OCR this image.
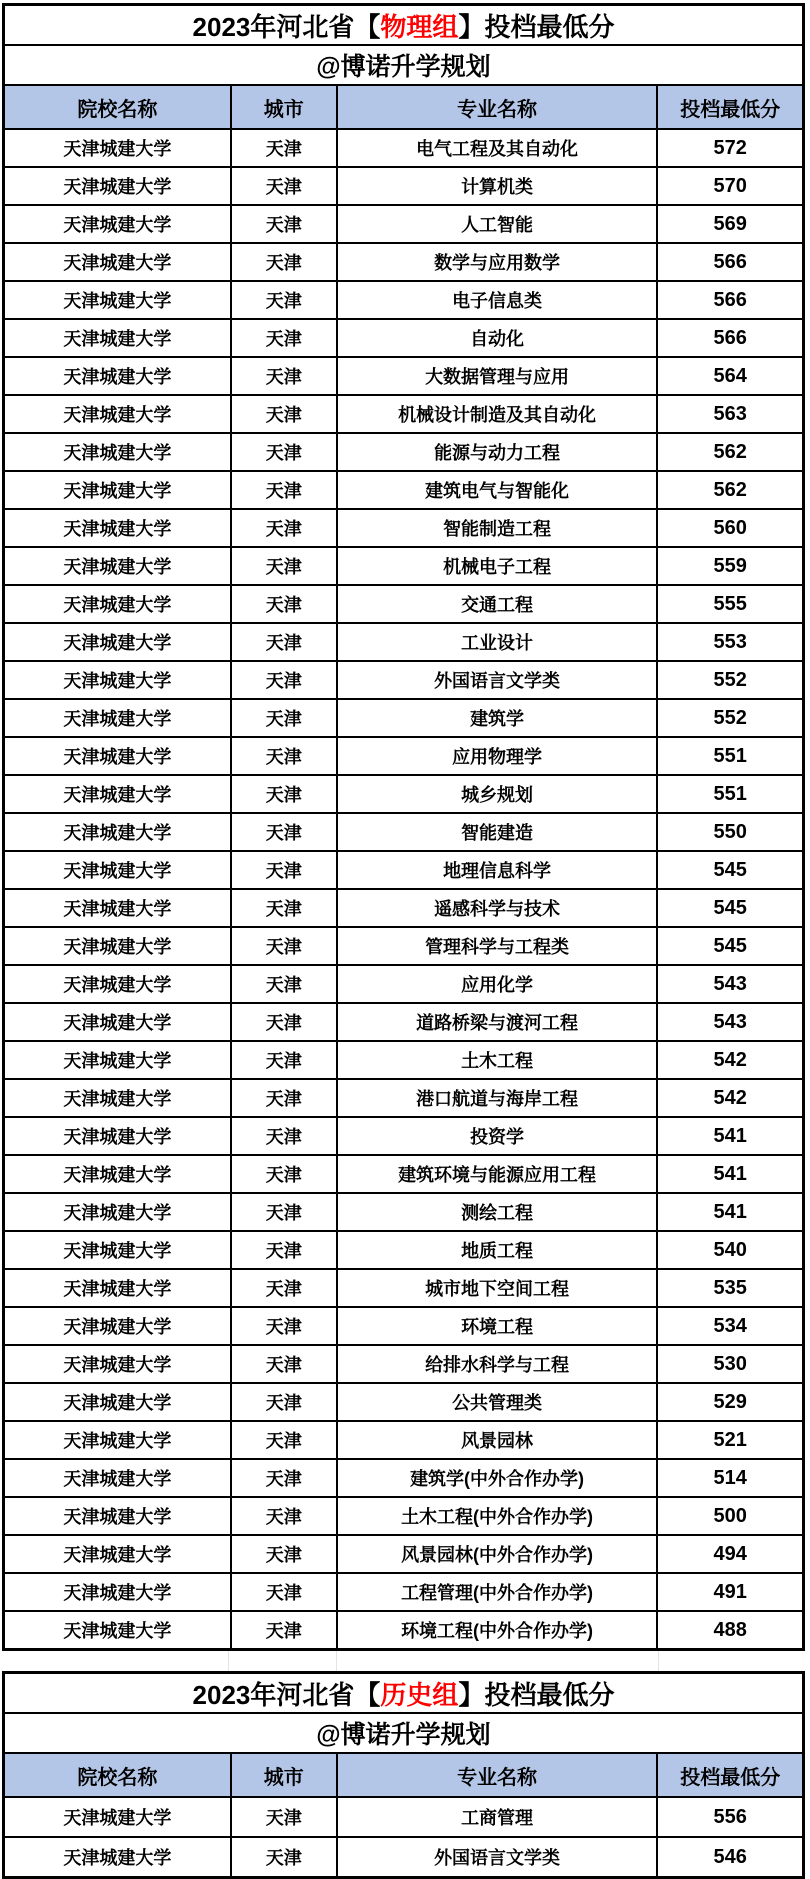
2023年河北省 【 物理组 】 投档最低分
@博诺升学规划
院校名称	城市	专业名称	投档最低分
天津城建大学	天津	电气工程及其自动化	572
天津城建大学	天津	计算机类	570
天津城建大学	天津	人工智能	569
天津城建大学	天津	数学与应用数学	566
天津城建大学	天津	电子信息类	566
天津城建大学	天津	自动化	566
天津城建大学	天津	大数据管理与应用	564
天津城建大学	天津	机械设计制造及其自动化	563
天津城建大学	天津	能源与动力工程	562
天津城建大学	天津	建筑电气与智能化	562
天津城建大学	天津	智能制造工程	560
天津城建大学	天津	机械电子工程	559
天津城建大学	天津	交通工程	555
天津城建大学	天津	工业设计	553
天津城建大学	天津	外国语言文学类	552
天津城建大学	天津	建筑学	552
天津城建大学	天津	应用物理学	551
天津城建大学	天津	城乡规划	551
天津城建大学	天津	智能建造	550
天津城建大学	天津	地理信息科学	545
天津城建大学	天津	遥感科学与技术	545
天津城建大学	天津	管理科学与工程类	545
天津城建大学	天津	应用化学	543
天津城建大学	天津	道路桥梁与渡河工程	543
天津城建大学	天津	土木工程	542
天津城建大学	天津	港口航道与海岸工程	542
天津城建大学	天津	投资学	541
天津城建大学	天津	建筑环境与能源应用工程	541
天津城建大学	天津	测绘工程	541
天津城建大学	天津	地质工程	540
天津城建大学	天津	城市地下空间工程	535
天津城建大学	天津	环境工程	534
天津城建大学	天津	给排水科学与工程	530
天津城建大学	天津	公共管理类	529
天津城建大学	天津	风景园林	521
天津城建大学	天津	建筑学(中外合作办学)	514
天津城建大学	天津	土木工程(中外合作办学)	500
天津城建大学	天津	风景园林(中外合作办学)	494
天津城建大学	天津	工程管理(中外合作办学)	491
天津城建大学	天津	环境工程(中外合作办学)	488
2023年河北省 【 历史组 】 投档最低分
@博诺升学规划
院校名称	城市	专业名称	投档最低分
天津城建大学	天津	工商管理	556
天津城建大学	天津	外国语言文学类	546
